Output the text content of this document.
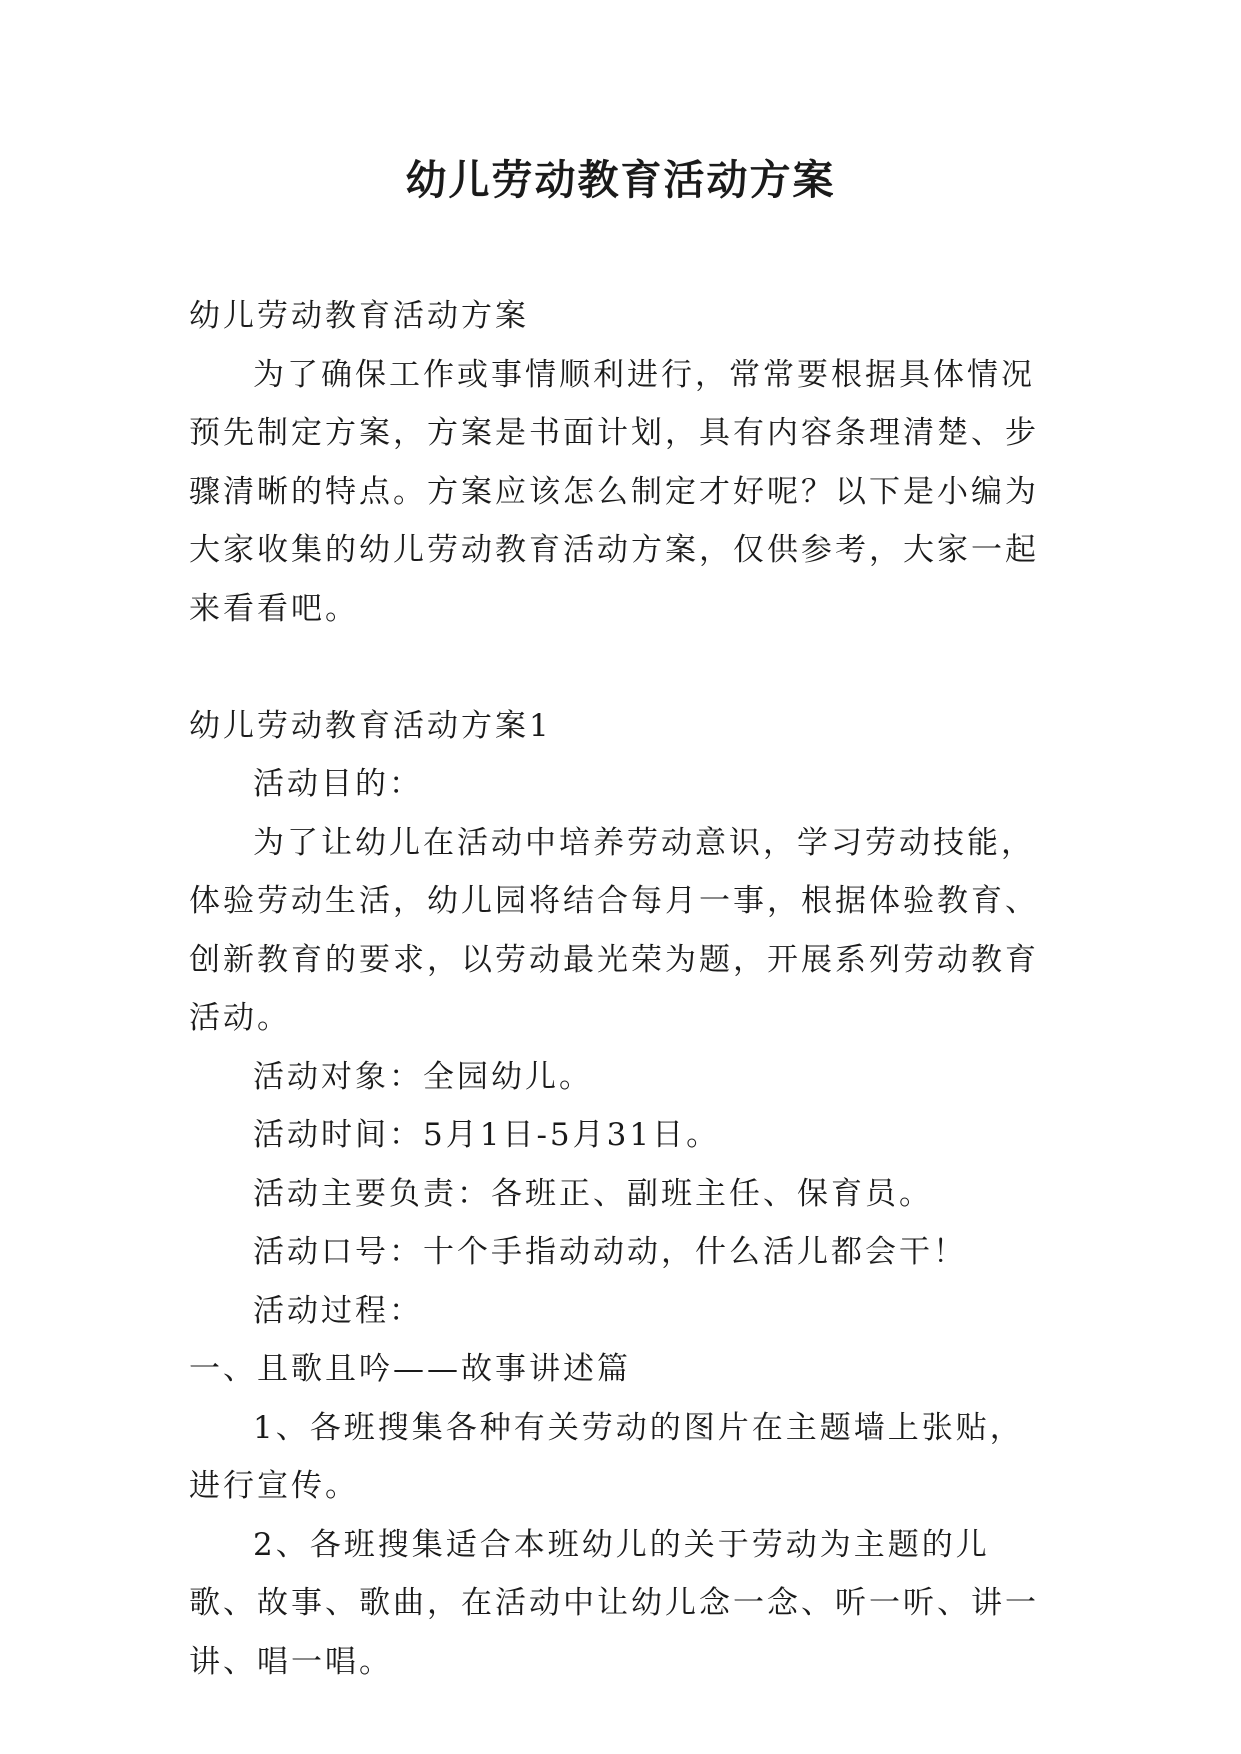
幼儿劳动教育活动方案

幼儿劳动教育活动方案

为了确保工作或事情顺利进行，常常要根据具体情况预先制定方案，方案是书面计划，具有内容条理清楚、步骤清晰的特点。方案应该怎么制定才好呢？以下是小编为大家收集的幼儿劳动教育活动方案，仅供参考，大家一起来看看吧。

幼儿劳动教育活动方案1

活动目的：

为了让幼儿在活动中培养劳动意识，学习劳动技能，体验劳动生活，幼儿园将结合每月一事，根据体验教育、创新教育的要求，以劳动最光荣为题，开展系列劳动教育活动。

活动对象：全园幼儿。

活动时间：5月1日-5月31日。

活动主要负责：各班正、副班主任、保育员。

活动口号：十个手指动动动，什么活儿都会干！

活动过程：

一、且歌且吟——故事讲述篇

1、各班搜集各种有关劳动的图片在主题墙上张贴，进行宣传。

2、各班搜集适合本班幼儿的关于劳动为主题的儿歌、故事、歌曲，在活动中让幼儿念一念、听一听、讲一讲、唱一唱。
